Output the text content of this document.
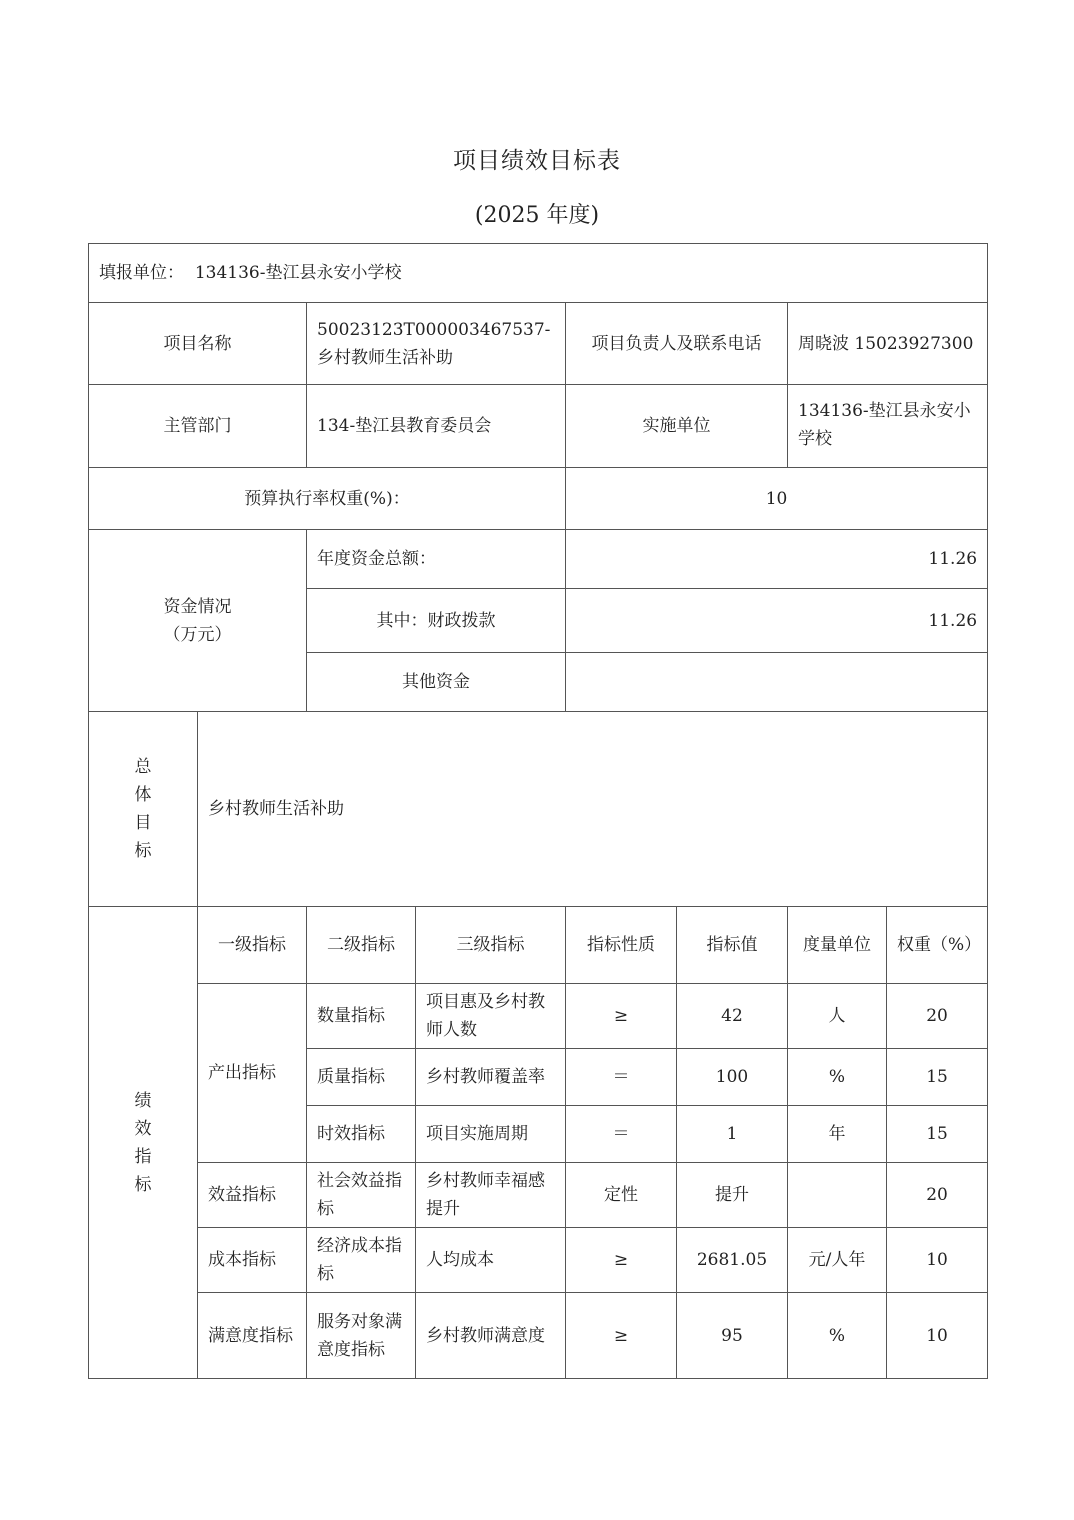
项目绩效目标表
(2025 年度)
填报单位： 134136-垫江县永安小学校							
项目名称		50023123T000003467537-乡村教师生活补助		项目负责人及联系电话		周晓波 15023927300	
主管部门		134-垫江县教育委员会		实施单位		134136-垫江县永安小学校	
预算执行率权重(%)：				10			

资金情况
（万元）		年度资金总额：		11.26			
		其中：财政拨款		11.26			
		其他资金					
总
体
目
标	乡村教师生活补助						
绩
效
指
标	一级指标	二级指标	三级指标	指标性质	指标值	度量单位	权重（%）
	产出指标	数量指标	项目惠及乡村教师人数	≥	42	人	20
		质量指标	乡村教师覆盖率	＝	100	%	15
		时效指标	项目实施周期	＝	1	年	15
	效益指标	社会效益指标	乡村教师幸福感提升	定性	提升		20
	成本指标	经济成本指标	人均成本	≥	2681.05	元/人年	10
	满意度指标	服务对象满意度指标	乡村教师满意度	≥	95	%	10
